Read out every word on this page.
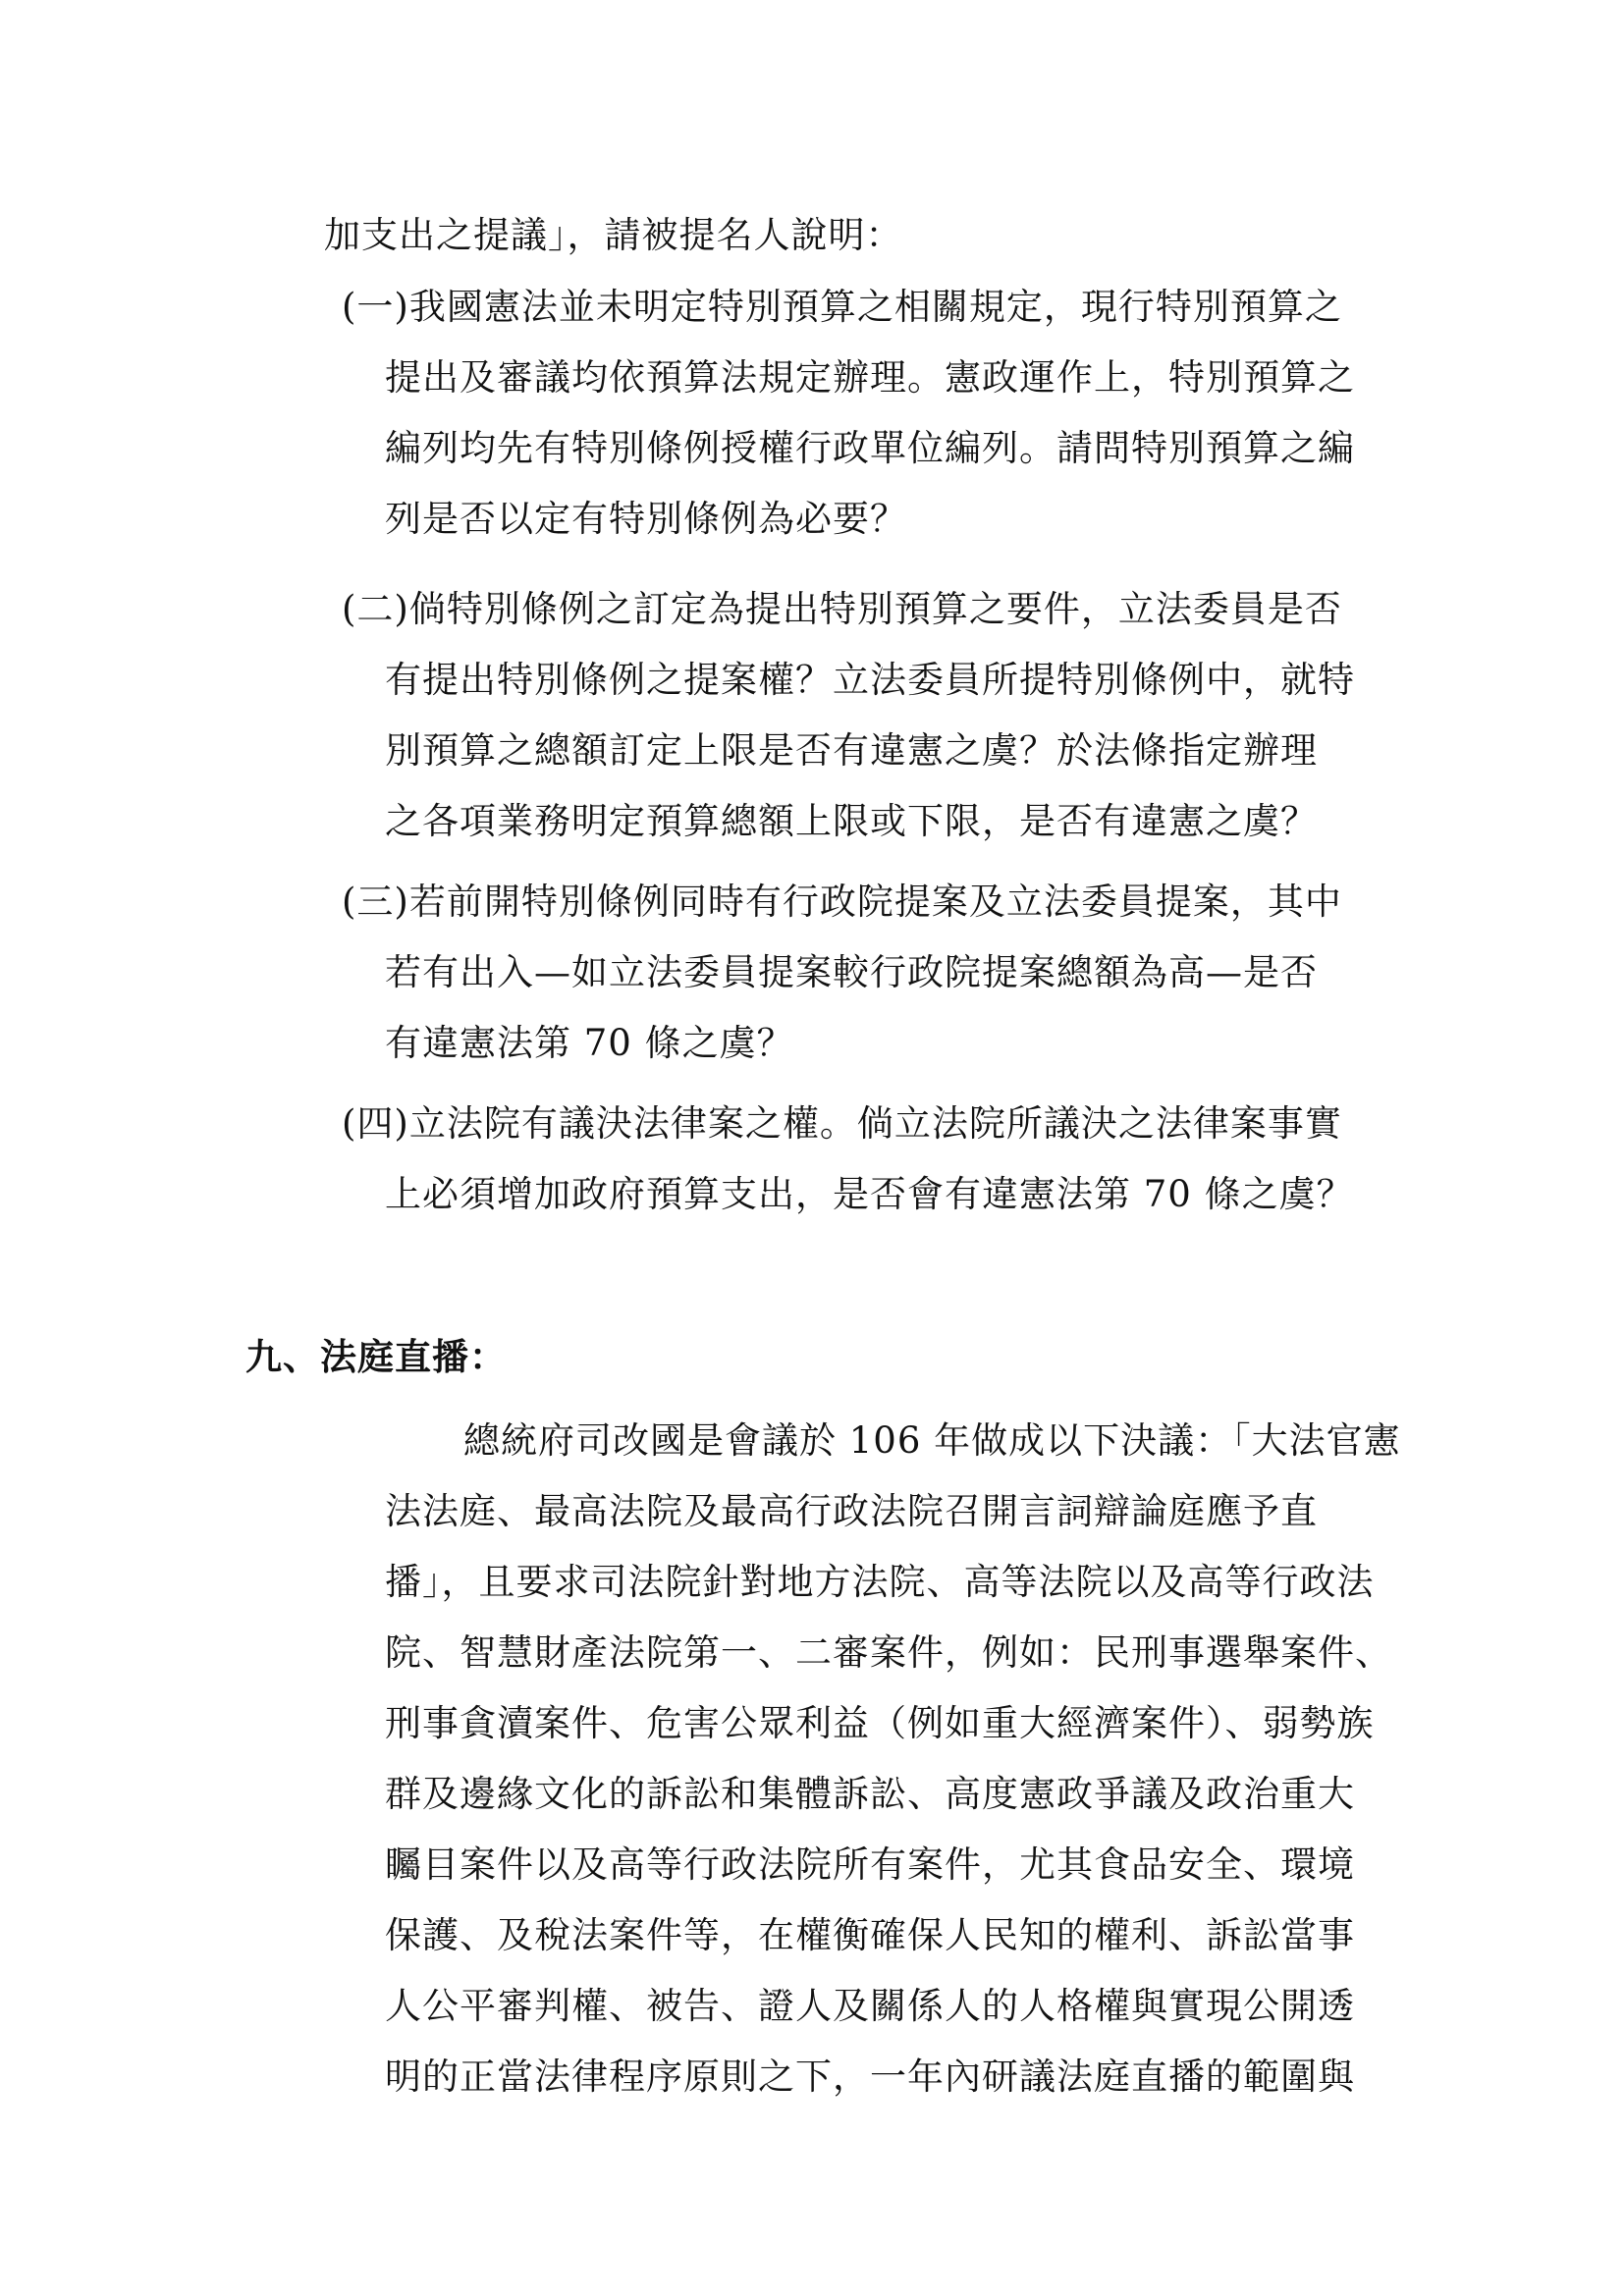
加支出之提議」，請被提名人說明：
(一)我國憲法並未明定特別預算之相關規定，現行特別預算之
提出及審議均依預算法規定辦理。憲政運作上，特別預算之
編列均先有特別條例授權行政單位編列。請問特別預算之編
列是否以定有特別條例為必要？
(二)倘特別條例之訂定為提出特別預算之要件，立法委員是否
有提出特別條例之提案權？立法委員所提特別條例中，就特
別預算之總額訂定上限是否有違憲之虞？於法條指定辦理
之各項業務明定預算總額上限或下限，是否有違憲之虞？
(三)若前開特別條例同時有行政院提案及立法委員提案，其中
若有出入—如立法委員提案較行政院提案總額為高—是否
有違憲法第 70 條之虞？
(四)立法院有議決法律案之權。倘立法院所議決之法律案事實
上必須增加政府預算支出，是否會有違憲法第 70 條之虞？
九、法庭直播：
總統府司改國是會議於 106 年做成以下決議：「大法官憲
法法庭、最高法院及最高行政法院召開言詞辯論庭應予直
播」，且要求司法院針對地方法院、高等法院以及高等行政法
院、智慧財產法院第一、二審案件，例如：民刑事選舉案件、
刑事貪瀆案件、危害公眾利益（例如重大經濟案件）、弱勢族
群及邊緣文化的訴訟和集體訴訟、高度憲政爭議及政治重大
矚目案件以及高等行政法院所有案件，尤其食品安全、環境
保護、及稅法案件等，在權衡確保人民知的權利、訴訟當事
人公平審判權、被告、證人及關係人的人格權與實現公開透
明的正當法律程序原則之下，一年內研議法庭直播的範圍與
